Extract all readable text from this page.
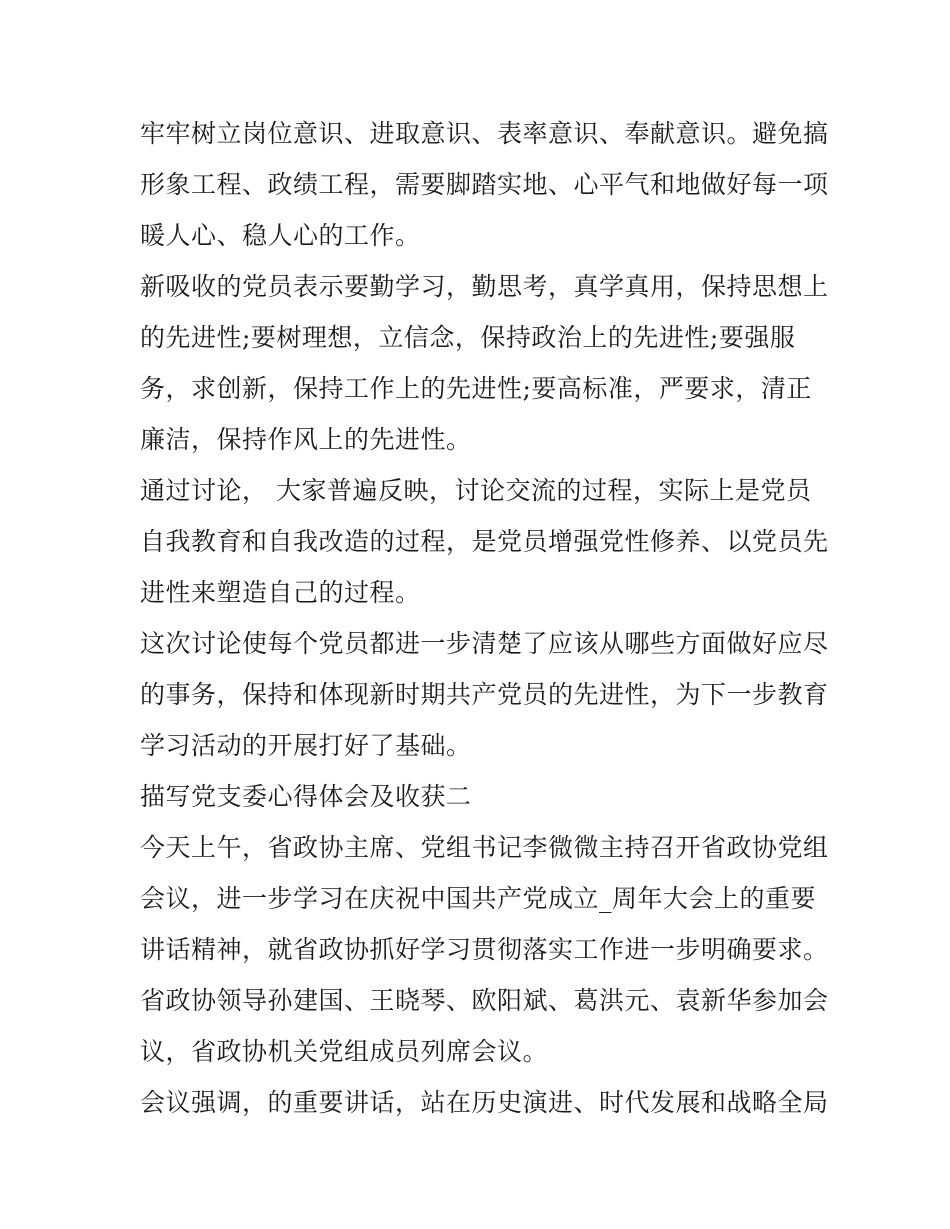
牢牢树立岗位意识、进取意识、表率意识、奉献意识。避免搞
形象工程、政绩工程，需要脚踏实地、心平气和地做好每一项
暖人心、稳人心的工作。
新吸收的党员表示要勤学习，勤思考，真学真用，保持思想上
的先进性;要树理想，立信念，保持政治上的先进性;要强服
务，求创新，保持工作上的先进性;要高标准，严要求，清正
廉洁，保持作风上的先进性。
通过讨论， 大家普遍反映，讨论交流的过程，实际上是党员
自我教育和自我改造的过程，是党员增强党性修养、以党员先
进性来塑造自己的过程。
这次讨论使每个党员都进一步清楚了应该从哪些方面做好应尽
的事务，保持和体现新时期共产党员的先进性，为下一步教育
学习活动的开展打好了基础。
描写党支委心得体会及收获二
今天上午，省政协主席、党组书记李微微主持召开省政协党组
会议，进一步学习在庆祝中国共产党成立_周年大会上的重要
讲话精神，就省政协抓好学习贯彻落实工作进一步明确要求。
省政协领导孙建国、王晓琴、欧阳斌、葛洪元、袁新华参加会
议，省政协机关党组成员列席会议。
会议强调，的重要讲话，站在历史演进、时代发展和战略全局
